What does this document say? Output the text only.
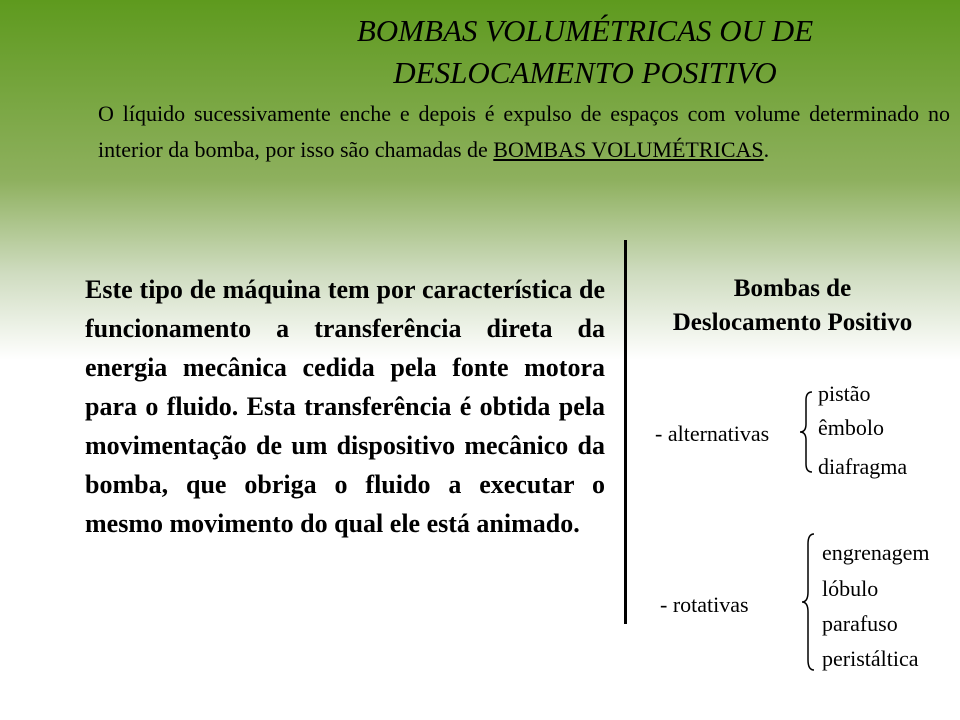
BOMBAS VOLUMÉTRICAS OU DE
DESLOCAMENTO POSITIVO
O líquido sucessivamente enche e depois é expulso de espaços com volume determinado no interior da bomba, por isso são chamadas de BOMBAS VOLUMÉTRICAS.
Este tipo de máquina tem por característica de funcionamento a transferência direta da energia mecânica cedida pela fonte motora para o fluido. Esta transferência é obtida pela movimentação de um dispositivo mecânico da bomba, que obriga o fluido a executar o mesmo movimento do qual ele está animado.
Bombas de
Deslocamento Positivo
- alternativas
pistão
êmbolo
diafragma
- rotativas
engrenagem
lóbulo
parafuso
peristáltica
